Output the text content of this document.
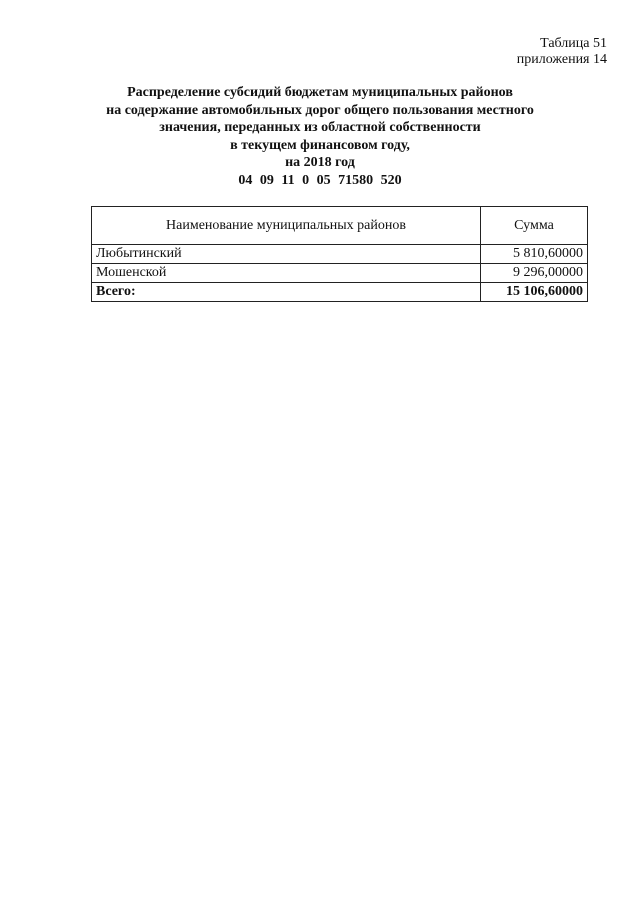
Таблица 51
приложения 14
Распределение субсидий бюджетам муниципальных районов
на содержание автомобильных дорог общего пользования местного
значения, переданных из областной собственности
в текущем финансовом году,
на 2018 год
04 09 11 0 05 71580 520
Наименование муниципальных районов	Сумма
Любытинский	5 810,60000
Мошенской	9 296,00000
Всего:	15 106,60000
